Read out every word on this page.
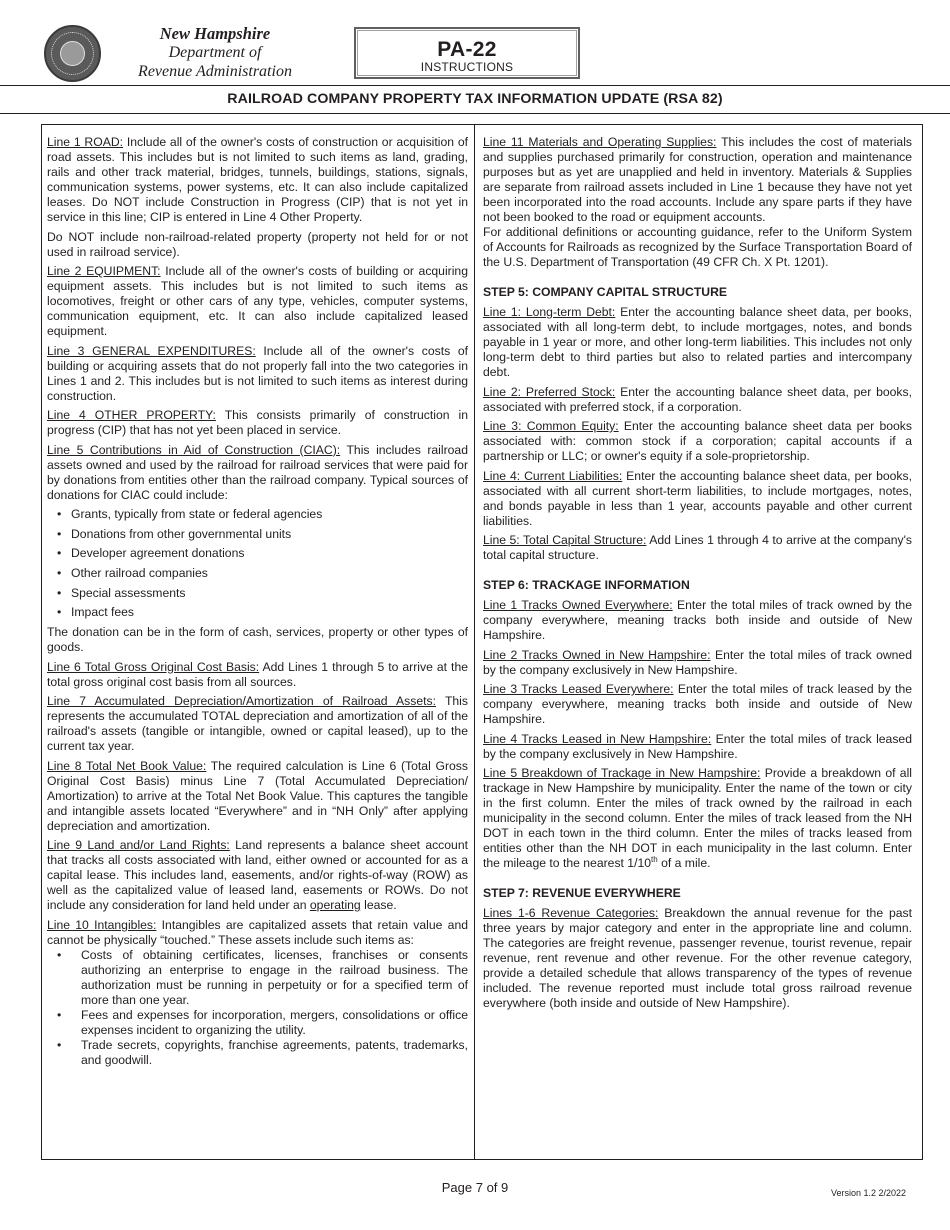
New Hampshire
Department of
Revenue Administration
PA-22
INSTRUCTIONS
RAILROAD COMPANY PROPERTY TAX INFORMATION UPDATE (RSA 82)

Line 1 ROAD: Include all of the owner's costs of construction or acquisition of road assets. This includes but is not limited to such items as land, grading, rails and other track material, bridges, tunnels, buildings, stations, signals, communication systems, power systems, etc. It can also include capitalized leases. Do NOT include Construction in Progress (CIP) that is not yet in service in this line; CIP is entered in Line 4 Other Property.

Do NOT include non-railroad-related property (property not held for or not used in railroad service).

Line 2 EQUIPMENT: Include all of the owner's costs of building or acquiring equipment assets. This includes but is not limited to such items as locomotives, freight or other cars of any type, vehicles, computer systems, communication equipment, etc. It can also include capitalized leased equipment.

Line 3 GENERAL EXPENDITURES: Include all of the owner's costs of building or acquiring assets that do not properly fall into the two categories in Lines 1 and 2. This includes but is not limited to such items as interest during construction.

Line 4 OTHER PROPERTY: This consists primarily of construction in progress (CIP) that has not yet been placed in service.

Line 5 Contributions in Aid of Construction (CIAC): This includes railroad assets owned and used by the railroad for railroad services that were paid for by donations from entities other than the railroad company. Typical sources of donations for CIAC could include:

• Grants, typically from state or federal agencies
• Donations from other governmental units
• Developer agreement donations
• Other railroad companies
• Special assessments
• Impact fees

The donation can be in the form of cash, services, property or other types of goods.

Line 6 Total Gross Original Cost Basis: Add Lines 1 through 5 to arrive at the total gross original cost basis from all sources.

Line 7 Accumulated Depreciation/Amortization of Railroad Assets: This represents the accumulated TOTAL depreciation and amortization of all of the railroad's assets (tangible or intangible, owned or capital leased), up to the current tax year.

Line 8 Total Net Book Value: The required calculation is Line 6 (Total Gross Original Cost Basis) minus Line 7 (Total Accumulated Depreciation/ Amortization) to arrive at the Total Net Book Value. This captures the tangible and intangible assets located “Everywhere” and in “NH Only” after applying depreciation and amortization.

Line 9 Land and/or Land Rights: Land represents a balance sheet account that tracks all costs associated with land, either owned or accounted for as a capital lease. This includes land, easements, and/or rights-of-way (ROW) as well as the capitalized value of leased land, easements or ROWs. Do not include any consideration for land held under an operating lease.

Line 10 Intangibles: Intangibles are capitalized assets that retain value and cannot be physically “touched.” These assets include such items as:

• Costs of obtaining certificates, licenses, franchises or consents authorizing an enterprise to engage in the railroad business. The authorization must be running in perpetuity or for a specified term of more than one year.
• Fees and expenses for incorporation, mergers, consolidations or office expenses incident to organizing the utility.
• Trade secrets, copyrights, franchise agreements, patents, trademarks, and goodwill.

Line 11 Materials and Operating Supplies: This includes the cost of materials and supplies purchased primarily for construction, operation and maintenance purposes but as yet are unapplied and held in inventory. Materials & Supplies are separate from railroad assets included in Line 1 because they have not yet been incorporated into the road accounts. Include any spare parts if they have not been booked to the road or equipment accounts.

For additional definitions or accounting guidance, refer to the Uniform System of Accounts for Railroads as recognized by the Surface Transportation Board of the U.S. Department of Transportation (49 CFR Ch. X Pt. 1201).

STEP 5: COMPANY CAPITAL STRUCTURE

Line 1: Long-term Debt: Enter the accounting balance sheet data, per books, associated with all long-term debt, to include mortgages, notes, and bonds payable in 1 year or more, and other long-term liabilities. This includes not only long-term debt to third parties but also to related parties and intercompany debt.

Line 2: Preferred Stock: Enter the accounting balance sheet data, per books, associated with preferred stock, if a corporation.

Line 3: Common Equity: Enter the accounting balance sheet data per books associated with: common stock if a corporation; capital accounts if a partnership or LLC; or owner's equity if a sole-proprietorship.

Line 4: Current Liabilities: Enter the accounting balance sheet data, per books, associated with all current short-term liabilities, to include mortgages, notes, and bonds payable in less than 1 year, accounts payable and other current liabilities.

Line 5: Total Capital Structure: Add Lines 1 through 4 to arrive at the company's total capital structure.

STEP 6: TRACKAGE INFORMATION

Line 1 Tracks Owned Everywhere: Enter the total miles of track owned by the company everywhere, meaning tracks both inside and outside of New Hampshire.

Line 2 Tracks Owned in New Hampshire: Enter the total miles of track owned by the company exclusively in New Hampshire.

Line 3 Tracks Leased Everywhere: Enter the total miles of track leased by the company everywhere, meaning tracks both inside and outside of New Hampshire.

Line 4 Tracks Leased in New Hampshire: Enter the total miles of track leased by the company exclusively in New Hampshire.

Line 5 Breakdown of Trackage in New Hampshire: Provide a breakdown of all trackage in New Hampshire by municipality. Enter the name of the town or city in the first column. Enter the miles of track owned by the railroad in each municipality in the second column. Enter the miles of track leased from the NH DOT in each town in the third column. Enter the miles of tracks leased from entities other than the NH DOT in each municipality in the last column. Enter the mileage to the nearest 1/10th of a mile.

STEP 7: REVENUE EVERYWHERE

Lines 1-6 Revenue Categories: Breakdown the annual revenue for the past three years by major category and enter in the appropriate line and column. The categories are freight revenue, passenger revenue, tourist revenue, repair revenue, rent revenue and other revenue. For the other revenue category, provide a detailed schedule that allows transparency of the types of revenue included. The revenue reported must include total gross railroad revenue everywhere (both inside and outside of New Hampshire).

Page 7 of 9	Version 1.2 2/2022
